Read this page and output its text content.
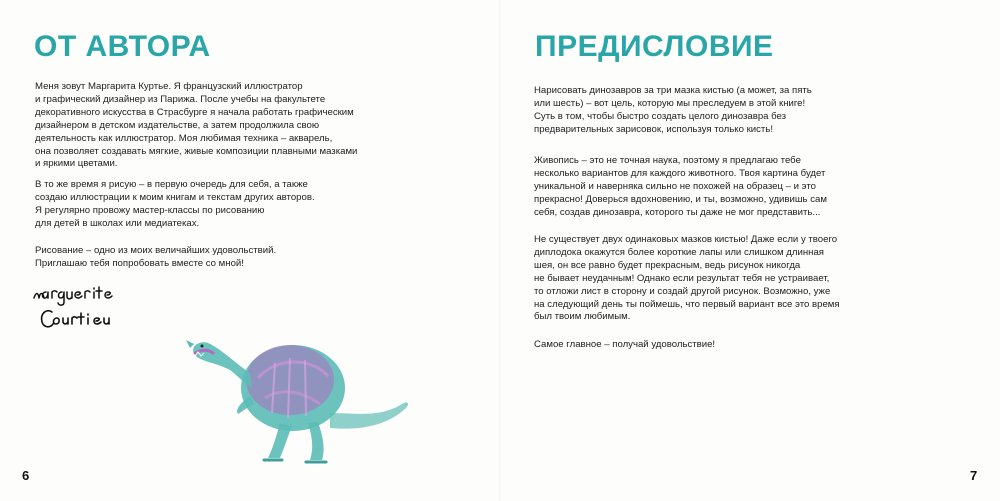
ОТ АВТОРА
Меня зовут Маргарита Куртье. Я французский иллюстратор
и графический дизайнер из Парижа. После учебы на факультете
декоративного искусства в Страсбурге я начала работать графическим
дизайнером в детском издательстве, а затем продолжила свою
деятельность как иллюстратор. Моя любимая техника – акварель,
она позволяет создавать мягкие, живые композиции плавными мазками
и яркими цветами.
В то же время я рисую – в первую очередь для себя, а также
создаю иллюстрации к моим книгам и текстам других авторов.
Я регулярно провожу мастер-классы по рисованию
для детей в школах или медиатеках.
Рисование – одно из моих величайших удовольствий.
Приглашаю тебя попробовать вместе со мной!
6
ПРЕДИСЛОВИЕ
Нарисовать динозавров за три мазка кистью (а может, за пять
или шесть) – вот цель, которую мы преследуем в этой книге!
Суть в том, чтобы быстро создать целого динозавра без
предварительных зарисовок, используя только кисть!
Живопись – это не точная наука, поэтому я предлагаю тебе
несколько вариантов для каждого животного. Твоя картина будет
уникальной и наверняка сильно не похожей на образец – и это
прекрасно! Доверься вдохновению, и ты, возможно, удивишь сам
себя, создав динозавра, которого ты даже не мог представить...
Не существует двух одинаковых мазков кистью! Даже если у твоего
диплодока окажутся более короткие лапы или слишком длинная
шея, он все равно будет прекрасным, ведь рисунок никогда
не бывает неудачным! Однако если результат тебя не устраивает,
то отложи лист в сторону и создай другой рисунок. Возможно, уже
на следующий день ты поймешь, что первый вариант все это время
был твоим любимым.
Самое главное – получай удовольствие!
7
